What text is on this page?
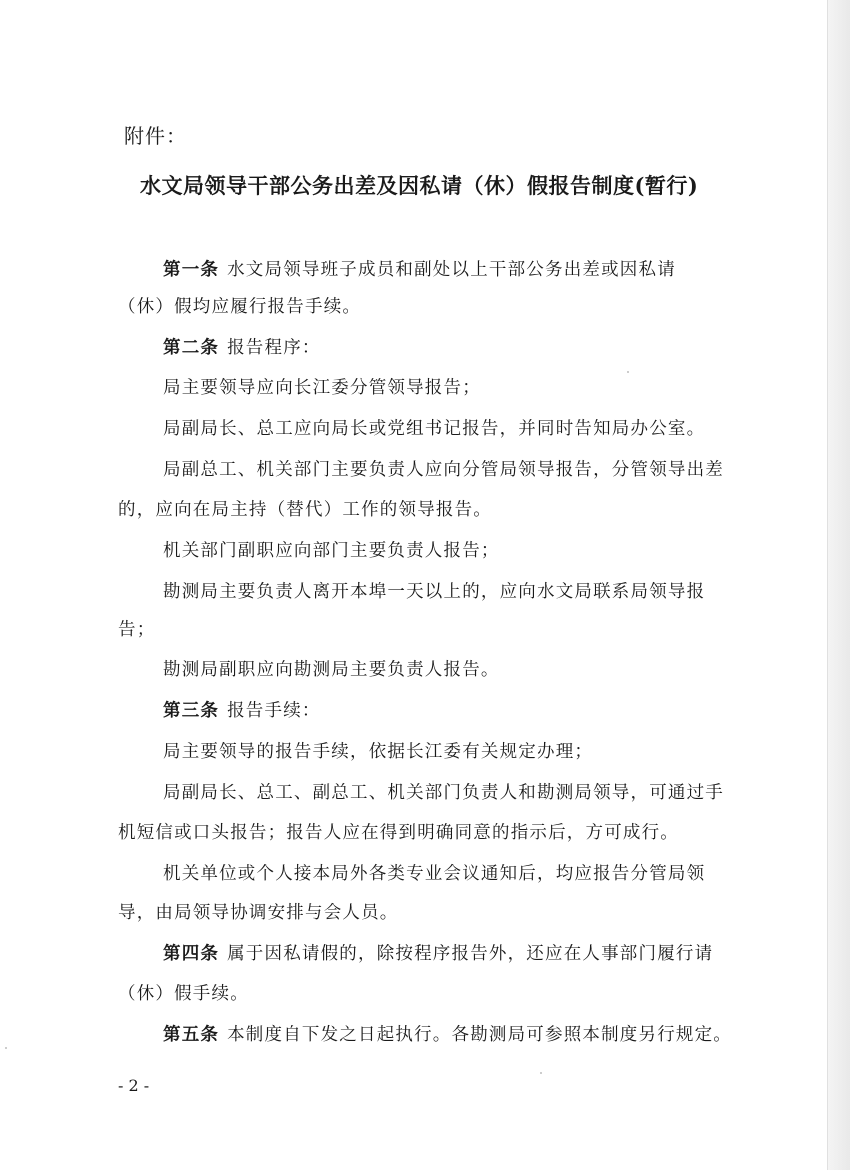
附件：
水文局领导干部公务出差及因私请（休）假报告制度(暂行)
第一条 水文局领导班子成员和副处以上干部公务出差或因私请
（休）假均应履行报告手续。
第二条 报告程序：
局主要领导应向长江委分管领导报告；
局副局长、总工应向局长或党组书记报告，并同时告知局办公室。
局副总工、机关部门主要负责人应向分管局领导报告，分管领导出差
的，应向在局主持（替代）工作的领导报告。
机关部门副职应向部门主要负责人报告；
勘测局主要负责人离开本埠一天以上的，应向水文局联系局领导报
告；
勘测局副职应向勘测局主要负责人报告。
第三条 报告手续：
局主要领导的报告手续，依据长江委有关规定办理；
局副局长、总工、副总工、机关部门负责人和勘测局领导，可通过手
机短信或口头报告；报告人应在得到明确同意的指示后，方可成行。
机关单位或个人接本局外各类专业会议通知后，均应报告分管局领
导，由局领导协调安排与会人员。
第四条 属于因私请假的，除按程序报告外，还应在人事部门履行请
（休）假手续。
第五条 本制度自下发之日起执行。各勘测局可参照本制度另行规定。
- 2 -
